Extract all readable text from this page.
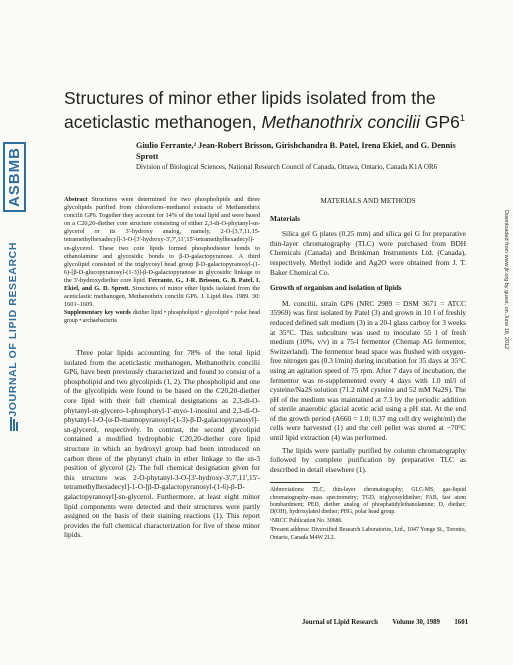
ASBMB
JOURNAL OF LIPID RESEARCH	Downloaded from www.jlr.org by guest, on June 18, 2012
Structures of minor ether lipids isolated from the
aceticlastic methanogen, Methanothrix concilii $GP6^1$
Giulio Ferrante,² Jean-Robert Brisson, Girishchandra B. Patel, Irena Ekiel, and G. Dennis Sprott
Division of Biological Sciences, National Research Council of Canada, Ottawa, Ontario, Canada K1A OR6
Abstract Structures were determined for two phospholipids and three glycolipids purified from chloroform–methanol extracts of Methanothrix concilii GP6. Together they account for 14% of the total lipid and were based on a C20,20-diether core structure consisting of either 2,3-di-O-phytanyl-sn-glycerol or its 3'-hydroxy analog, namely, 2-O-[3,7,11,15-tetramethylhexadecyl]-3-O-[3'-hydroxy-3',7',11',15'-tetramethylhexadecyl]-sn-glycerol. These two core lipids formed phosphodiester bonds to ethanolamine and glycosidic bonds to β-D-galactopyranose. A third glycolipid consisted of the triglycosyl head group β-D-galactopyranosyl-(1-6)-[β-D-glucopyranosyl-(1-3)]-β-D-galactopyranose in glycosidic linkage to the 3'-hydroxydiether core lipid. Ferrante, G., J-R. Brisson, G. B. Patel, I. Ekiel, and G. D. Sprott. Structures of minor ether lipids isolated from the aceticlastic methanogen, Methanothrix concilii GP6. J. Lipid Res. 1989. 30: 1601–1609.
Supplementary key words diether lipid • phospholipid • glycolipid • polar head group • archaebacteria

Three polar lipids accounting for 78% of the total lipid isolated from the aceticlastic methanogen, Methanothrix concilii GP6, have been previously characterized and found to consist of a phospholipid and two glycolipids (1, 2). The phospholipid and one of the glycolipids were found to be based on the C20,20-diether core lipid with their full chemical designations as 2,3-di-O-phytanyl-sn-glycero-1-phosphoryl-1'-myo-1-inositol and 2,3-di-O-phytanyl-1-O-[α-D-mannopyranosyl-(1-3)-β-D-galactopyranosyl]-sn-glycerol, respectively. In contrast, the second glycolipid contained a modified hydrophobic C20,20-diether core lipid structure in which an hydroxyl group had been introduced on carbon three of the phytanyl chain in ether linkage to the sn-3 position of glycerol (2). The full chemical designation given for this structure was 2-O-phytanyl-3-O-[3'-hydroxy-3',7',11',15'-tetramethylhexadecyl]-1-O-[β-D-galactopyranosyl-(1-6)-β-D-galactopyranosyl]-sn-glycerol. Furthermore, at least eight minor lipid components were detected and their structures were partly assigned on the basis of their staining reactions (1). This report provides the full chemical characterization for five of these minor lipids.

MATERIALS AND METHODS
Materials

Silica gel G plates (0.25 mm) and silica gel G for preparative thin-layer chromatography (TLC) were purchased from BDH Chemicals (Canada) and Brinkman Instruments Ltd. (Canada), respectively. Methyl iodide and Ag2O were obtained from J. T. Baker Chemical Co.

Growth of organism and isolation of lipids

M. concilii, strain GP6 (NRC 2989 = DSM 3671 = ATCC 35969) was first isolated by Patel (3) and grown in 10 l of freshly reduced defined salt medium (3) in a 20-l glass carboy for 3 weeks at 35°C. This subculture was used to inoculate 55 l of fresh medium (10%, v/v) in a 75-l fermentor (Chemap AG fermentor, Switzerland). The fermentor head space was flushed with oxygen-free nitrogen gas (0.3 l/min) during incubation for 35 days at 35°C using an agitation speed of 75 rpm. After 7 days of incubation, the fermentor was re-supplemented every 4 days with 1.0 ml/l of cysteine/Na2S solution (71.2 mM cysteine and 52 mM Na2S). The pH of the medium was maintained at 7.3 by the periodic addition of sterile anaerobic glacial acetic acid using a pH stat. At the end of the growth period (A660 = 1.0; 0.37 mg cell dry weight/ml) the cells were harvested (1) and the cell pellet was stored at −70°C until lipid extraction (4) was performed.

The lipids were partially purified by column chromatography followed by complete purification by preparative TLC as described in detail elsewhere (1).

Abbreviations: TLC, thin-layer chromatography; GLC-MS, gas-liquid chromatography–mass spectrometry; TGD, triglycosyldiether; FAB, fast atom bombardment; PED, diether analog of phosphatidylethanolamine; D, diether; D(OH), hydroxylated diether; PHG, polar head group.

¹NRCC Publication No. 30686.

²Present address: Diversified Research Laboratories, Ltd., 1047 Yonge St., Toronto, Ontario, Canada M4W 2L2.

Journal of Lipid Research Volume 30, 1989 1601
